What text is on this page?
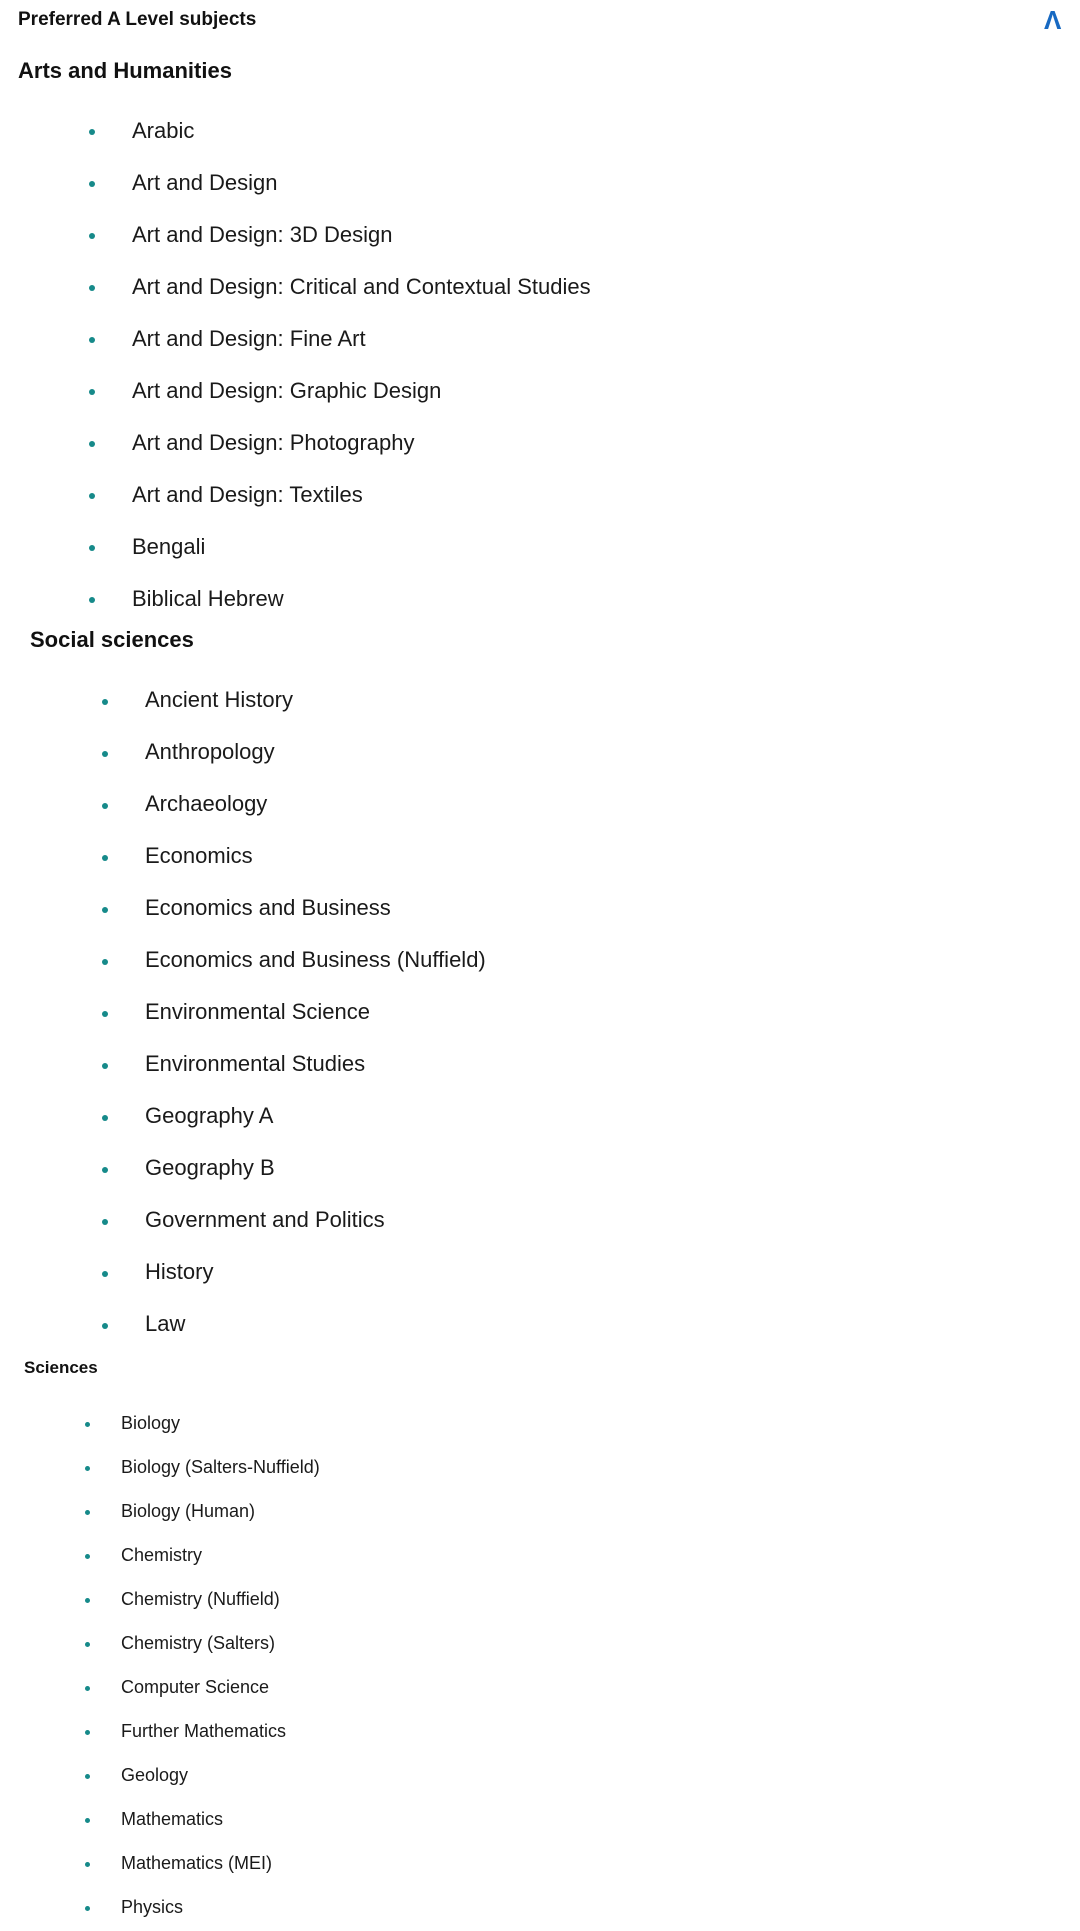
Preferred A Level subjects	Λ
Arts and Humanities
Arabic
Art and Design
Art and Design: 3D Design
Art and Design: Critical and Contextual Studies
Art and Design: Fine Art
Art and Design: Graphic Design
Art and Design: Photography
Art and Design: Textiles
Bengali
Biblical Hebrew
Social sciences
Ancient History
Anthropology
Archaeology
Economics
Economics and Business
Economics and Business (Nuffield)
Environmental Science
Environmental Studies
Geography A
Geography B
Government and Politics
History
Law
Sciences
Biology
Biology (Salters-Nuffield)
Biology (Human)
Chemistry
Chemistry (Nuffield)
Chemistry (Salters)
Computer Science
Further Mathematics
Geology
Mathematics
Mathematics (MEI)
Physics
